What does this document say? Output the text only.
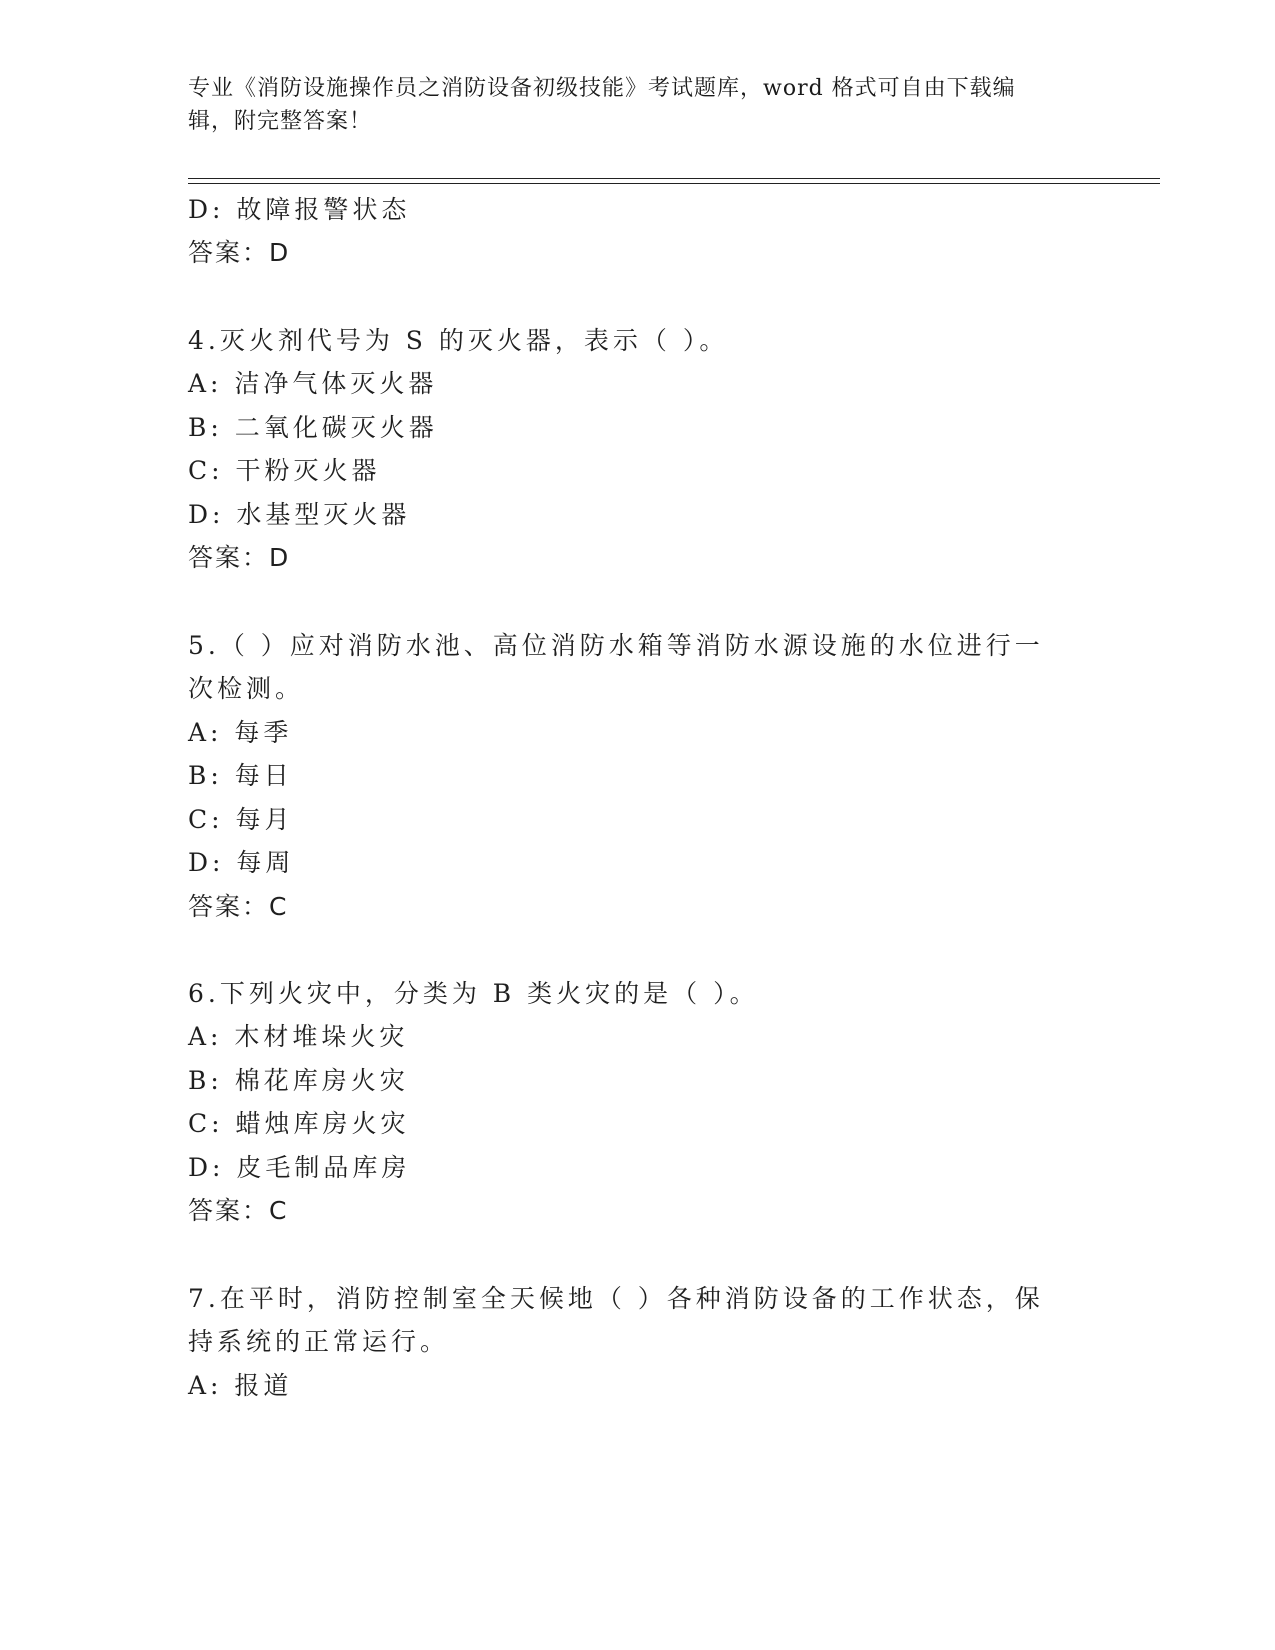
专业《消防设施操作员之消防设备初级技能》考试题库，word 格式可自由下载编
辑，附完整答案！
D: 故障报警状态
答案：D
4.灭火剂代号为 S 的灭火器，表示（ ）。
A: 洁净气体灭火器
B: 二氧化碳灭火器
C: 干粉灭火器
D: 水基型灭火器
答案：D
5.（ ）应对消防水池、高位消防水箱等消防水源设施的水位进行一
次检测。
A: 每季
B: 每日
C: 每月
D: 每周
答案：C
6.下列火灾中，分类为 B 类火灾的是（ ）。
A: 木材堆垛火灾
B: 棉花库房火灾
C: 蜡烛库房火灾
D: 皮毛制品库房
答案：C
7.在平时，消防控制室全天候地（ ）各种消防设备的工作状态，保
持系统的正常运行。
A: 报道
